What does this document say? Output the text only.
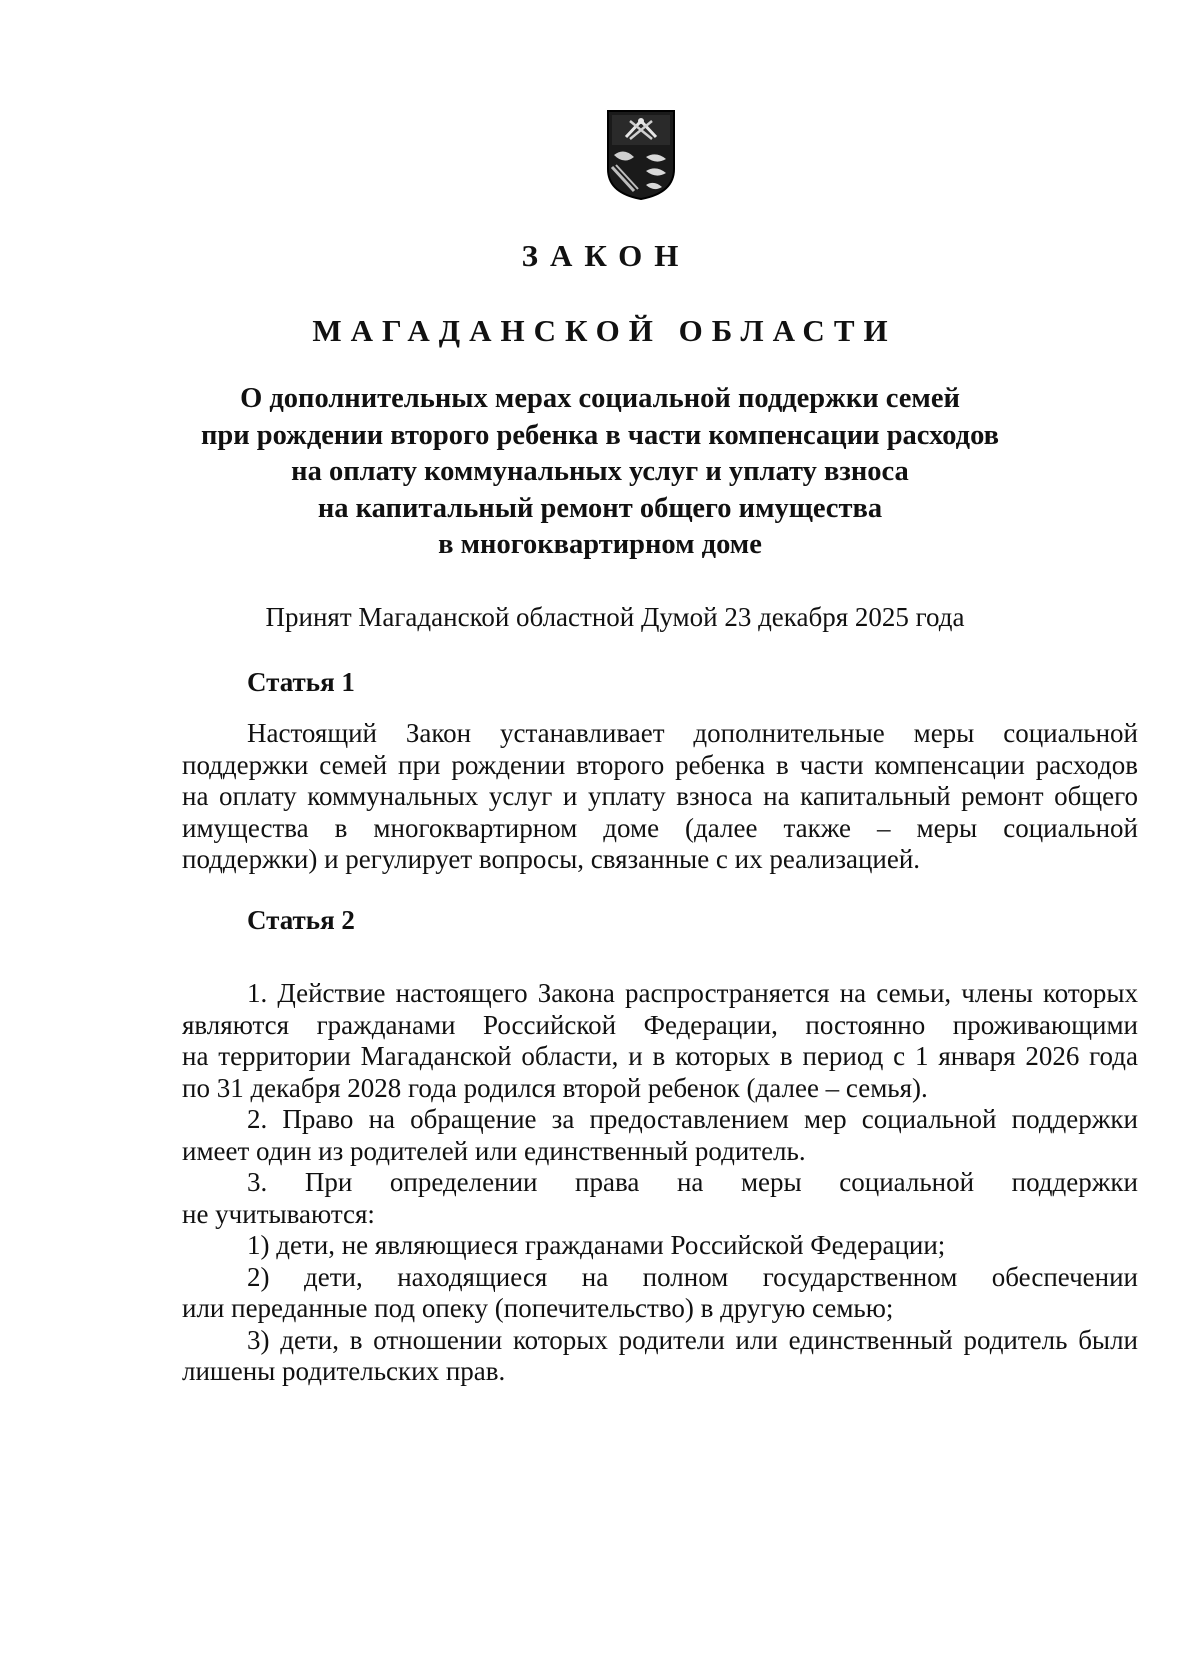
ЗАКОН
МАГАДАНСКОЙ ОБЛАСТИ
О дополнительных мерах социальной поддержки семей
при рождении второго ребенка в части компенсации расходов
на оплату коммунальных услуг и уплату взноса
на капитальный ремонт общего имущества
в многоквартирном доме
Принят Магаданской областной Думой 23 декабря 2025 года
Статья 1
Настоящий Закон устанавливает дополнительные меры социальной
поддержки семей при рождении второго ребенка в части компенсации расходов
на оплату коммунальных услуг и уплату взноса на капитальный ремонт общего
имущества в многоквартирном доме (далее также – меры социальной
поддержки) и регулирует вопросы, связанные с их реализацией.
Статья 2
1. Действие настоящего Закона распространяется на семьи, члены которых
являются гражданами Российской Федерации, постоянно проживающими
на территории Магаданской области, и в которых в период с 1 января 2026 года
по 31 декабря 2028 года родился второй ребенок (далее – семья).
2. Право на обращение за предоставлением мер социальной поддержки
имеет один из родителей или единственный родитель.
3. При определении права на меры социальной поддержки
не учитываются:
1) дети, не являющиеся гражданами Российской Федерации;
2) дети, находящиеся на полном государственном обеспечении
или переданные под опеку (попечительство) в другую семью;
3) дети, в отношении которых родители или единственный родитель были
лишены родительских прав.
